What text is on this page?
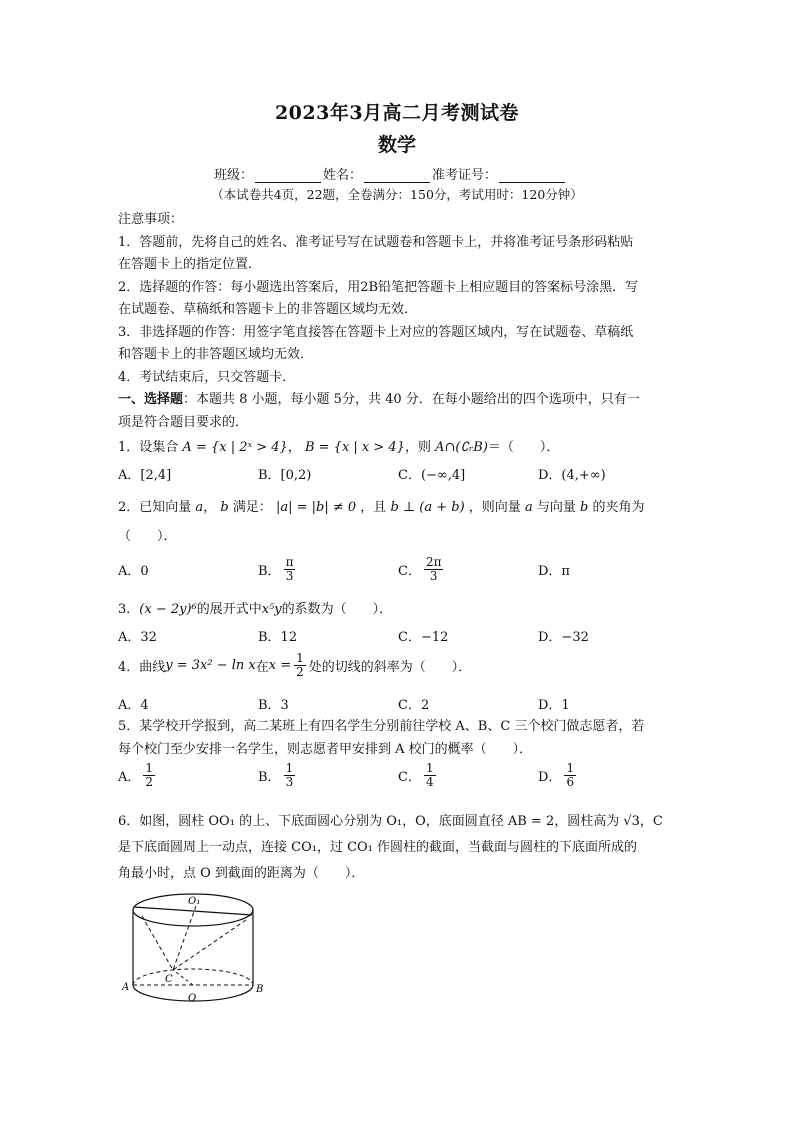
2023年3月高二月考测试卷
数学
班级：	姓名：	准考证号：
（本试卷共4页，22题，全卷满分：150分，考试用时：120分钟）
注意事项：
1．答题前，先将自己的姓名、准考证号写在试题卷和答题卡上，并将准考证号条形码粘贴
在答题卡上的指定位置．
2．选择题的作答：每小题选出答案后，用2B铅笔把答题卡上相应题目的答案标号涂黑．写
在试题卷、草稿纸和答题卡上的非答题区域均无效．
3．非选择题的作答：用签字笔直接答在答题卡上对应的答题区域内，写在试题卷、草稿纸
和答题卡上的非答题区域均无效．
4．考试结束后，只交答题卡．
一、选择题：本题共 8 小题，每小题 5分，共 40 分．在每小题给出的四个选项中，只有一
项是符合题目要求的．
1．设集合 A = {x | 2ˣ > 4}， B = {x | x > 4}，则 A∩(∁ᵣB)＝（　　）．
A．[2,4]	B．[0,2)	C．(−∞,4]	D．(4,+∞)
2．已知向量 a， b 满足： |a| = |b| ≠ 0 ，且 b ⊥ (a + b) ，则向量 a 与向量 b 的夹角为
（　　）．
A．0	B． $\frac{\pi}{3}$	C． $\frac{2\pi}{3}$	D．π
3．(x − 2y)⁶的展开式中x⁵y的系数为（　　）．
A．32	B．12	C．−12	D．−32
4．曲线 y = 3x² − ln x 在 $x = \frac{1}{2}$ 处的切线的斜率为（　　）．
A．4	B．3	C．2	D．1
5．某学校开学报到，高二某班上有四名学生分别前往学校 A、B、C 三个校门做志愿者，若
每个校门至少安排一名学生，则志愿者甲安排到 A 校门的概率（　　）．
A． $\frac{1}{2}$	B． $\frac{1}{3}$	C． $\frac{1}{4}$	D． $\frac{1}{6}$
6．如图，圆柱 OO₁ 的上、下底面圆心分别为 O₁，O，底面圆直径 AB = 2，圆柱高为 √3，C
是下底面圆周上一动点，连接 CO₁，过 CO₁ 作圆柱的截面，当截面与圆柱的下底面所成的
角最小时，点 O 到截面的距离为（　　）．
O₁
C
A
O
B
